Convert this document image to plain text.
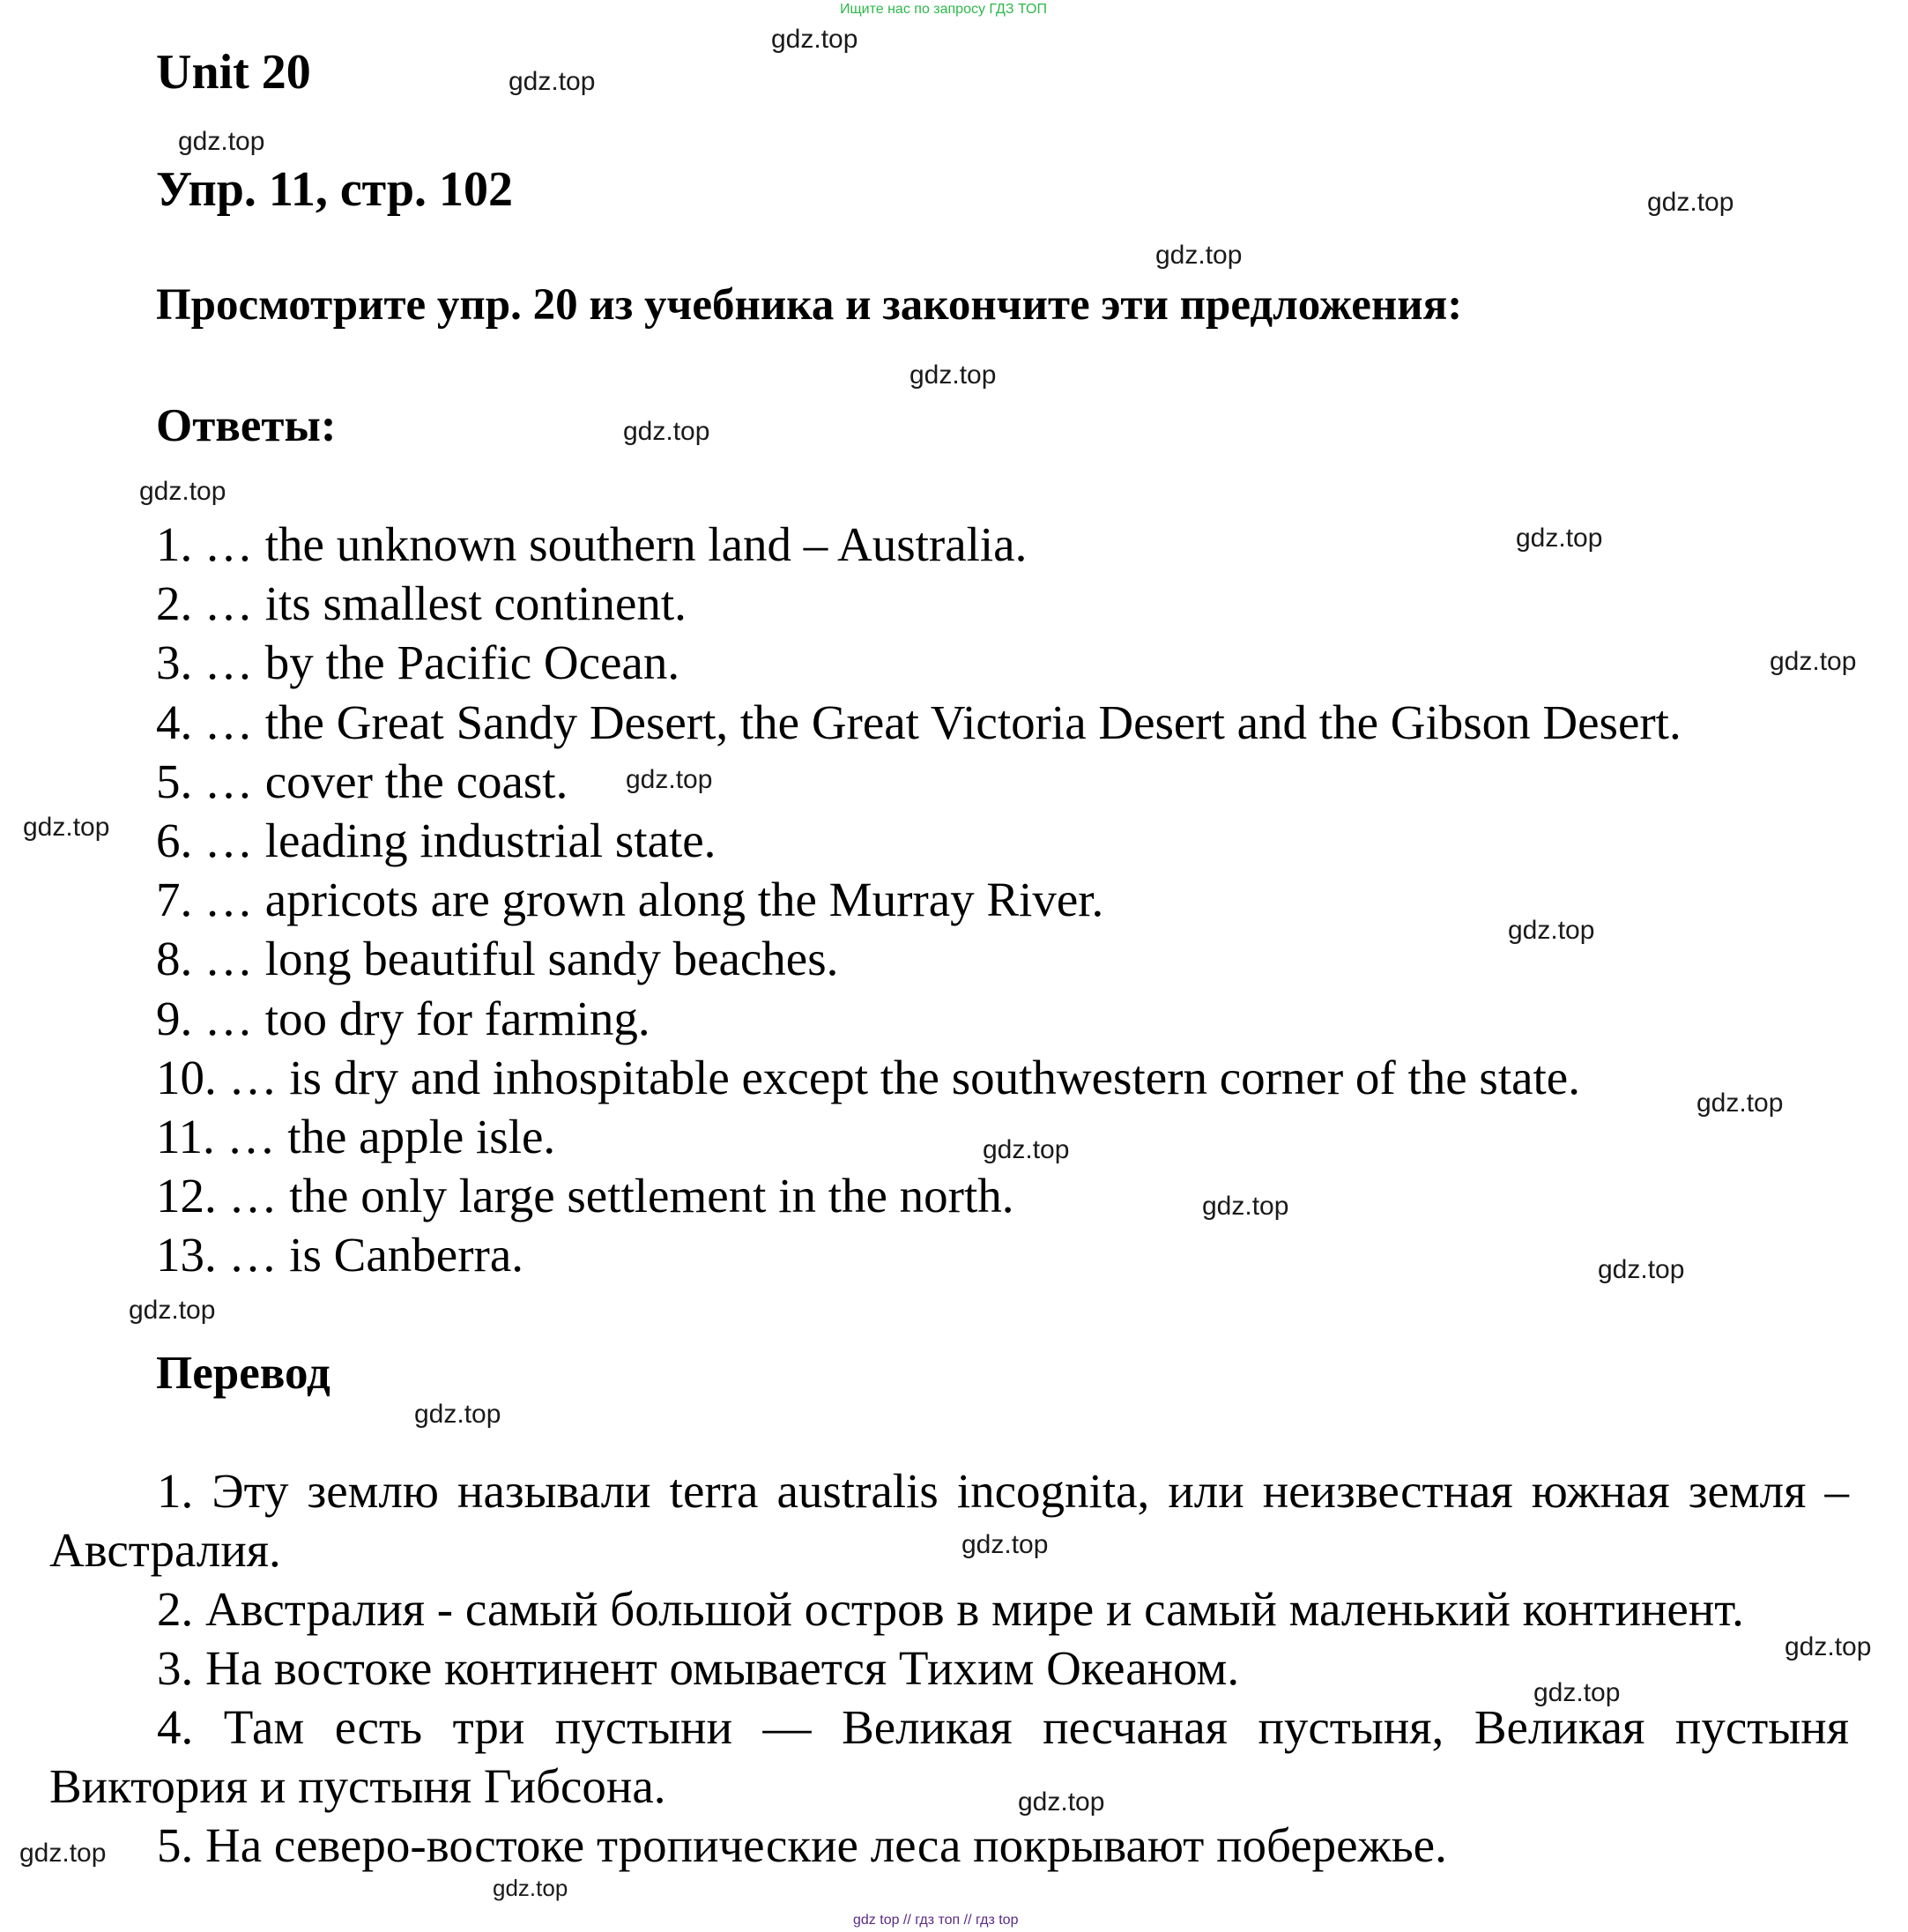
Ищите нас по запросу ГДЗ ТОП
Unit 20
Упр. 11, стр. 102
Просмотрите упр. 20 из учебника и закончите эти предложения:
Ответы:
1. … the unknown southern land – Australia.
2. … its smallest continent.
3. … by the Pacific Ocean.
4. … the Great Sandy Desert, the Great Victoria Desert and the Gibson Desert.
5. … cover the coast.
6. … leading industrial state.
7. … apricots are grown along the Murray River.
8. … long beautiful sandy beaches.
9. … too dry for farming.
10. … is dry and inhospitable except the southwestern corner of the state.
11. … the apple isle.
12. … the only large settlement in the north.
13. … is Canberra.
Перевод
1. Эту землю называли terra australis incognita, или неизвестная южная земля – Австралия.
2. Австралия - самый большой остров в мире и самый маленький континент.
3. На востоке континент омывается Тихим Океаном.
4. Там есть три пустыни — Великая песчаная пустыня, Великая пустыня Виктория и пустыня Гибсона.
5. На северо-востоке тропические леса покрывают побережье.
gdz.top
gdz.top
gdz.top
gdz.top
gdz.top
gdz.top
gdz.top
gdz.top
gdz.top
gdz.top
gdz.top
gdz.top
gdz.top
gdz.top
gdz.top
gdz.top
gdz.top
gdz.top
gdz.top
gdz.top
gdz.top
gdz.top
gdz.top
gdz.top
gdz.top
gdz top // гдз топ // гдз top
